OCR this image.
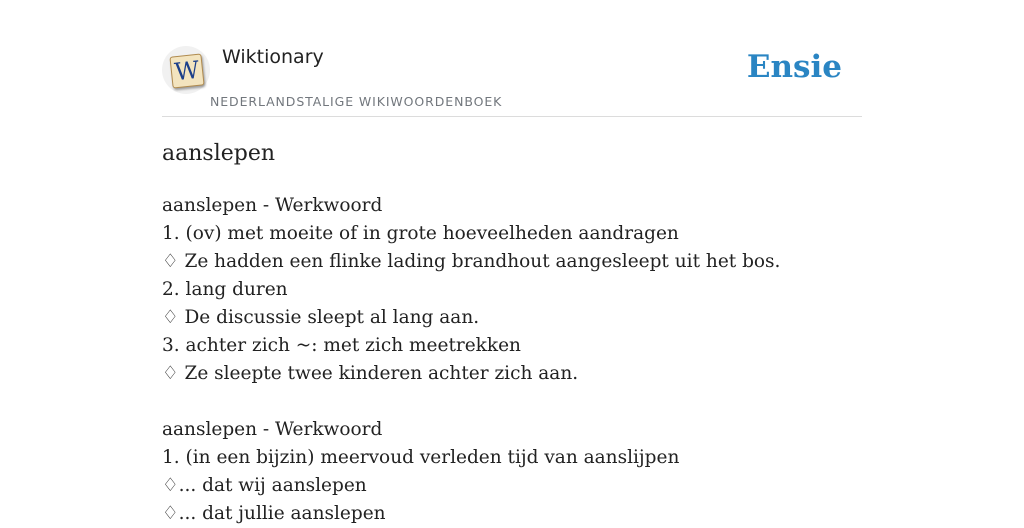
W Wiktionary
NEDERLANDSTALIGE WIKIWOORDENBOEK
Ensie
aanslepen
aanslepen - Werkwoord
1. (ov) met moeite of in grote hoeveelheden aandragen
♢ Ze hadden een flinke lading brandhout aangesleept uit het bos.
2. lang duren
♢ De discussie sleept al lang aan.
3. achter zich ~: met zich meetrekken
♢ Ze sleepte twee kinderen achter zich aan.
aanslepen - Werkwoord
1. (in een bijzin) meervoud verleden tijd van aanslijpen
♢... dat wij aanslepen
♢... dat jullie aanslepen
